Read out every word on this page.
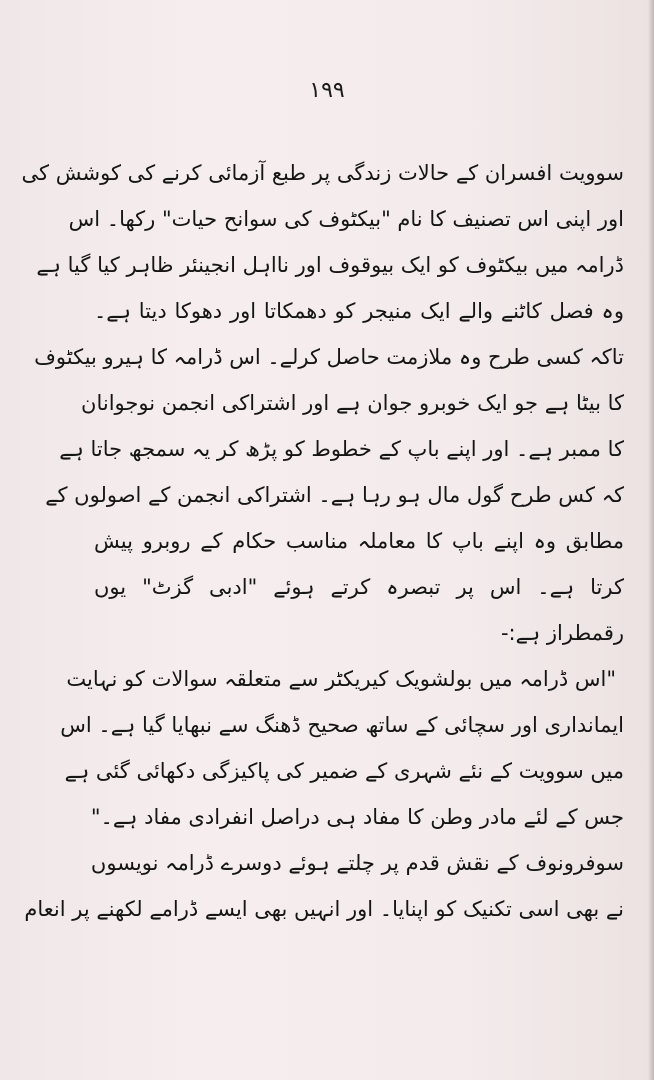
۱۹۹
سوویت افسران کے حالات زندگی پر طبع آزمائی کرنے کی کوشش کی
اور اپنی اس تصنیف کا نام "بیکٹوف کی سوانح حیات" رکھا۔ اس
ڈرامہ میں بیکٹوف کو ایک بیوقوف اور نااہل انجینئر ظاہر کیا گیا ہے
وہ فصل کاٹنے والے ایک منیجر کو دھمکاتا اور دھوکا دیتا ہے۔
تاکہ کسی طرح وہ ملازمت حاصل کرلے۔ اس ڈرامہ کا ہیرو بیکٹوف
کا بیٹا ہے جو ایک خوبرو جوان ہے اور اشتراکی انجمن نوجوانان
کا ممبر ہے۔ اور اپنے باپ کے خطوط کو پڑھ کر یہ سمجھ جاتا ہے
کہ کس طرح گول مال ہو رہا ہے۔ اشتراکی انجمن کے اصولوں کے
مطابق وہ اپنے باپ کا معاملہ مناسب حکام کے روبرو پیش
کرتا ہے۔ اس پر تبصرہ کرتے ہوئے "ادبی گزٹ" یوں
رقمطراز ہے:-
"اس ڈرامہ میں بولشویک کیریکٹر سے متعلقہ سوالات کو نہایت
ایمانداری اور سچائی کے ساتھ صحیح ڈھنگ سے نبھایا گیا ہے۔ اس
میں سوویت کے نئے شہری کے ضمیر کی پاکیزگی دکھائی گئی ہے
جس کے لئے مادر وطن کا مفاد ہی دراصل انفرادی مفاد ہے۔"
سوفرونوف کے نقش قدم پر چلتے ہوئے دوسرے ڈرامہ نویسوں
نے بھی اسی تکنیک کو اپنایا۔ اور انہیں بھی ایسے ڈرامے لکھنے پر انعام
